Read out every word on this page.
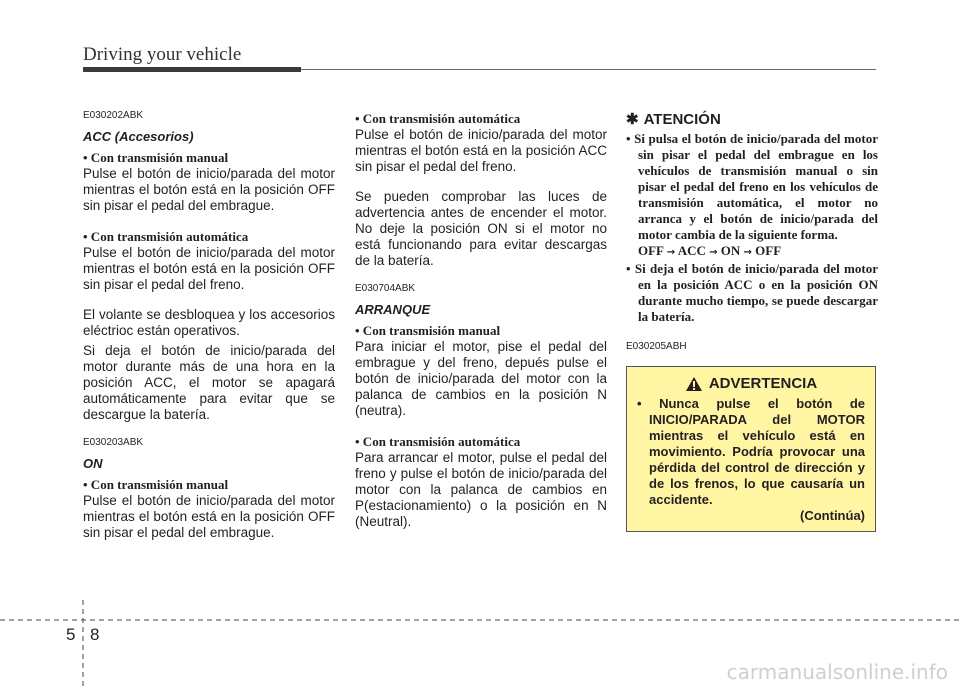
Driving your vehicle

E030202ABK

ACC (Accesorios)

• Con transmisión manual

Pulse el botón de inicio/parada del motor mientras el botón está en la posición OFF sin pisar el pedal del embrague.

• Con transmisión automática

Pulse el botón de inicio/parada del motor mientras el botón está en la posición OFF sin pisar el pedal del freno.

El volante se desbloquea y los accesorios eléctrioc están operativos.

Si deja el botón de inicio/parada del motor durante más de una hora en la posición ACC, el motor se apagará automáticamente para evitar que se descargue la batería.

E030203ABK

ON

• Con transmisión manual

Pulse el botón de inicio/parada del motor mientras el botón está en la posición OFF sin pisar el pedal del embrague.

• Con transmisión automática

Pulse el botón de inicio/parada del motor mientras el botón está en la posición ACC sin pisar el pedal del freno.

Se pueden comprobar las luces de advertencia antes de encender el motor. No deje la posición ON si el motor no está funcionando para evitar descargas de la batería.

E030704ABK

ARRANQUE

• Con transmisión manual

Para iniciar el motor, pise el pedal del embrague y del freno, depués pulse el botón de inicio/parada del motor con la palanca de cambios en la posición N (neutra).

• Con transmisión automática

Para arrancar el motor, pulse el pedal del freno y pulse el botón de inicio/parada del motor con la palanca de cambios en P(estacionamiento) o la posición en N (Neutral).

✱ ATENCIÓN

• Si pulsa el botón de inicio/parada del motor sin pisar el pedal del embrague en los vehículos de transmisión manual o sin pisar el pedal del freno en los vehículos de transmisión automática, el motor no arranca y el botón de inicio/parada del motor cambia de la siguiente forma.

OFF → ACC → ON → OFF

• Si deja el botón de inicio/parada del motor en la posición ACC o en la posición ON durante mucho tiempo, se puede descargar la batería.

E030205ABH

ADVERTENCIA

• Nunca pulse el botón de INICIO/PARADA del MOTOR mientras el vehículo está en movimiento. Podría provocar una pérdida del control de dirección y de los frenos, lo que causaría un accidente.

(Continúa)

5 8
carmanualsonline.info
